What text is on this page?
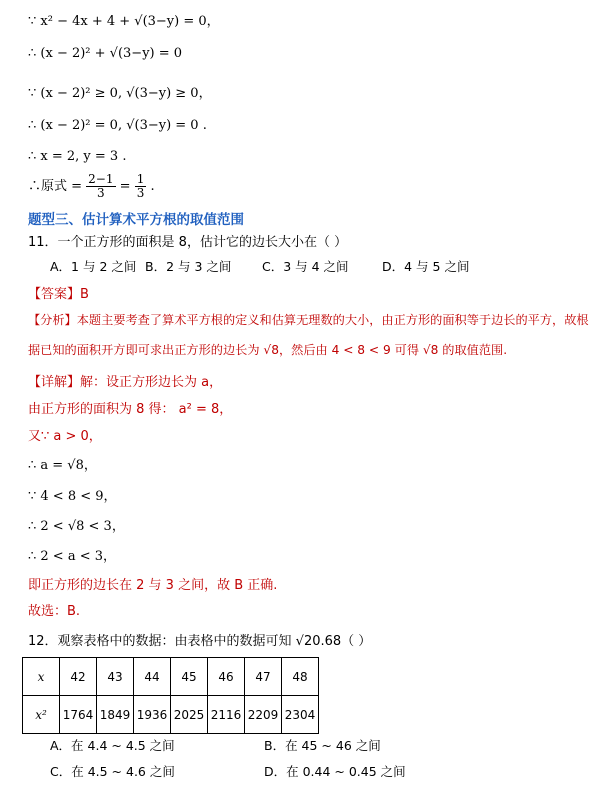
∵ x² − 4x + 4 + √(3−y) = 0，
∴ (x − 2)² + √(3−y) = 0
∵ (x − 2)² ≥ 0, √(3−y) ≥ 0，
∴ (x − 2)² = 0, √(3−y) = 0 .
∴ x = 2, y = 3 .
∴原式 = $\frac{2-1}{3} = \frac{1}{3}$ .
题型三、估计算术平方根的取值范围
11．一个正方形的面积是 8，估计它的边长大小在（ ）
A．1 与 2 之间 B．2 与 3 之间 C．3 与 4 之间	D．4 与 5 之间
【答案】B
【分析】本题主要考查了算术平方根的定义和估算无理数的大小，由正方形的面积等于边长的平方，故根
据已知的面积开方即可求出正方形的边长为 √8，然后由 4 < 8 < 9 可得 √8 的取值范围.
【详解】解：设正方形边长为 a，
由正方形的面积为 8 得： a² = 8，
又∵ a > 0，
∴ a = √8，
∵ 4 < 8 < 9，
∴ 2 < √8 < 3，
∴ 2 < a < 3，
即正方形的边长在 2 与 3 之间，故 B 正确.
故选：B.
12．观察表格中的数据：由表格中的数据可知 √20.68（ ）
x	42	43	44	45	46	47	48
x²	1764	1849	1936	2025	2116	2209	2304
A．在 4.4 ~ 4.5 之间	B．在 45 ~ 46 之间
C．在 4.5 ~ 4.6 之间	D．在 0.44 ~ 0.45 之间
